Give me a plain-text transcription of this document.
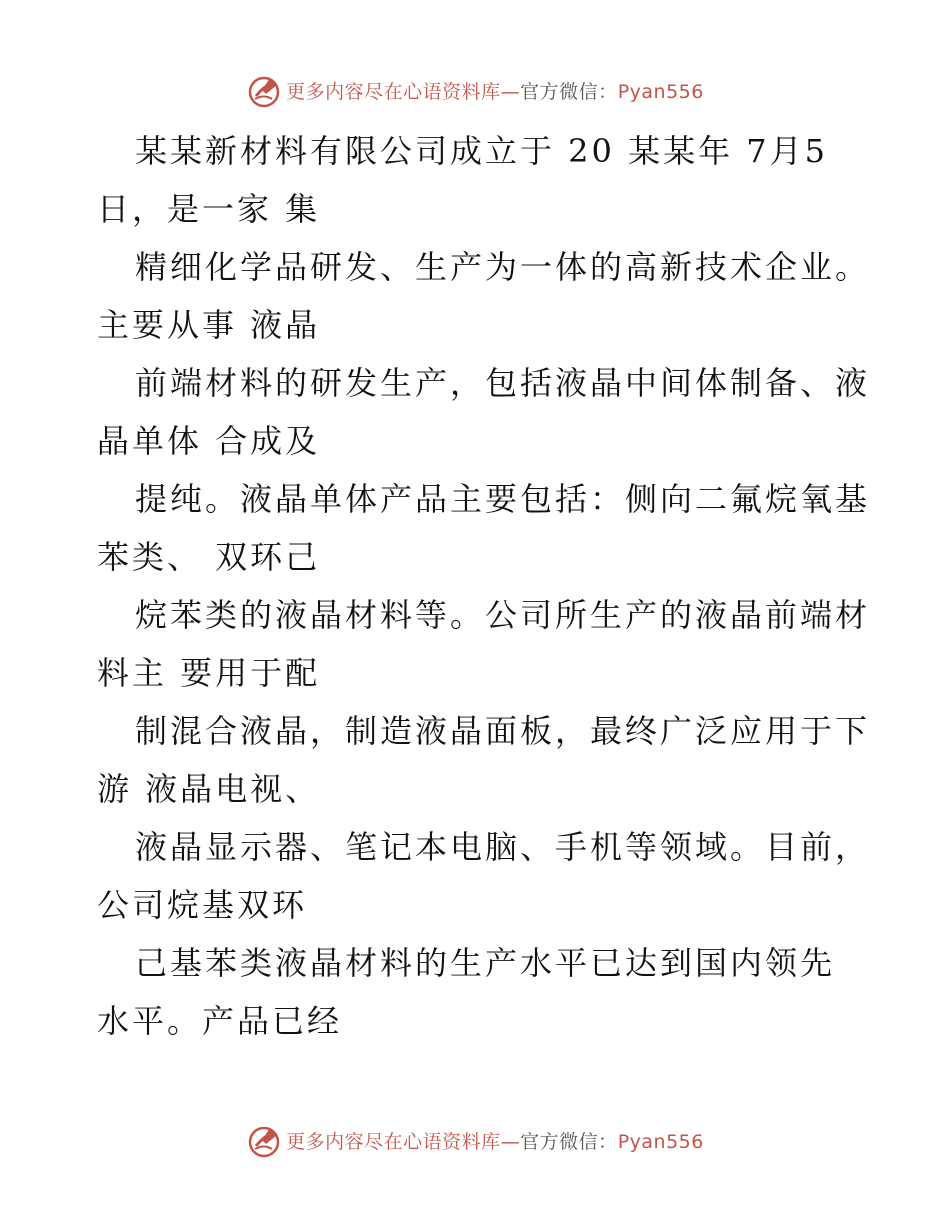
更多内容尽在心语资料库—官方微信：Pyan556
某某新材料有限公司成立于 20 某某年 7月5
日，是一家 集
精细化学品研发、生产为一体的高新技术企业。
主要从事 液晶
前端材料的研发生产，包括液晶中间体制备、液
晶单体 合成及
提纯。液晶单体产品主要包括：侧向二氟烷氧基
苯类、 双环己
烷苯类的液晶材料等。公司所生产的液晶前端材
料主 要用于配
制混合液晶，制造液晶面板，最终广泛应用于下
游 液晶电视、
液晶显示器、笔记本电脑、手机等领域。目前，
公司烷基双环
己基苯类液晶材料的生产水平已达到国内领先
水平。产品已经
更多内容尽在心语资料库—官方微信：Pyan556
